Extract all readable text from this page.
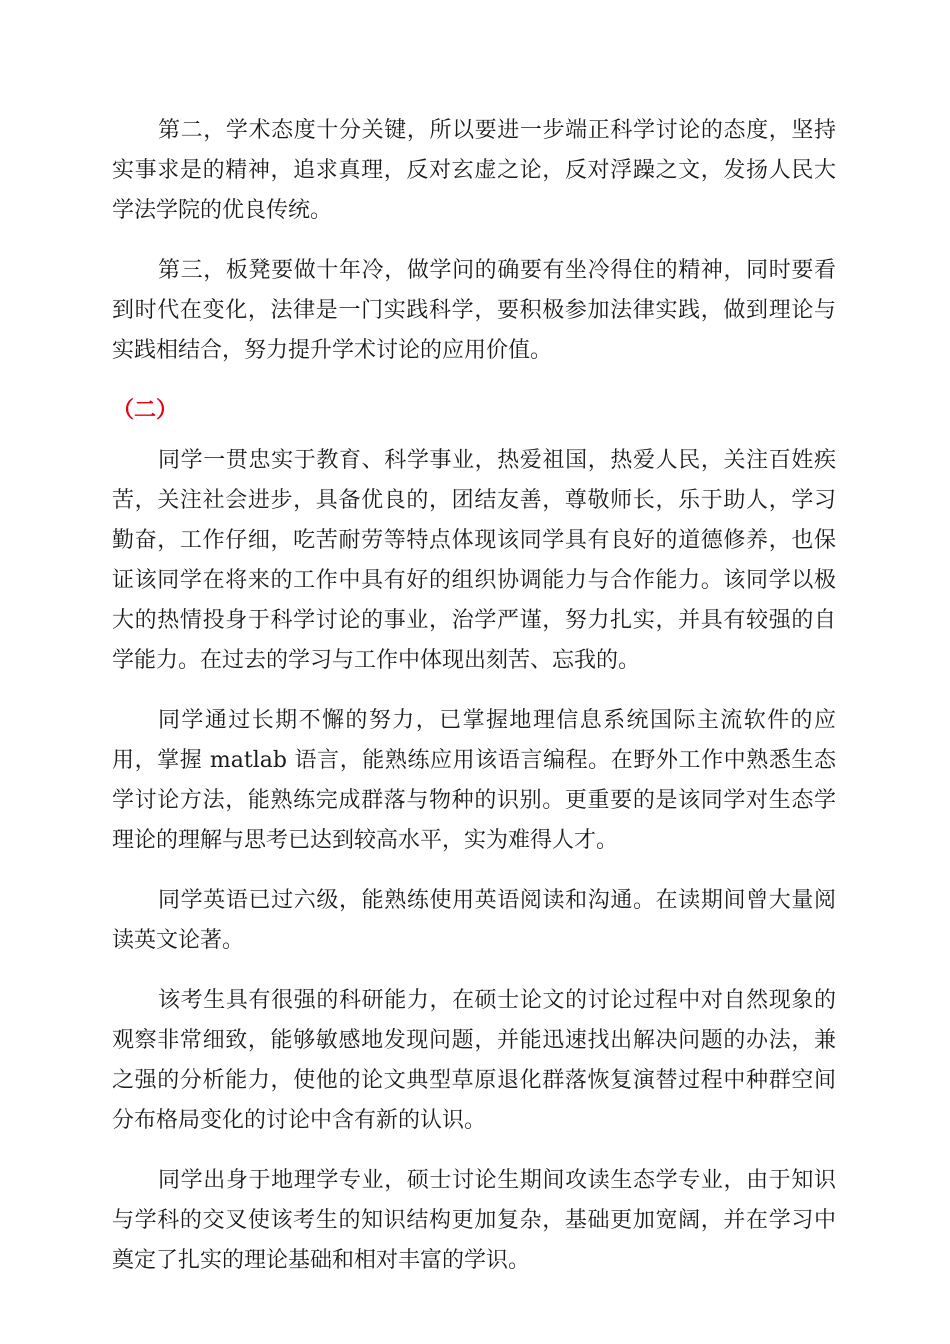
第二，学术态度十分关键，所以要进一步端正科学讨论的态度，坚持实事求是的精神，追求真理，反对玄虚之论，反对浮躁之文，发扬人民大学法学院的优良传统。

第三，板凳要做十年冷，做学问的确要有坐冷得住的精神，同时要看到时代在变化，法律是一门实践科学，要积极参加法律实践，做到理论与实践相结合，努力提升学术讨论的应用价值。

（二）

同学一贯忠实于教育、科学事业，热爱祖国，热爱人民，关注百姓疾苦，关注社会进步，具备优良的，团结友善，尊敬师长，乐于助人，学习勤奋，工作仔细，吃苦耐劳等特点体现该同学具有良好的道德修养，也保证该同学在将来的工作中具有好的组织协调能力与合作能力。该同学以极大的热情投身于科学讨论的事业，治学严谨，努力扎实，并具有较强的自学能力。在过去的学习与工作中体现出刻苦、忘我的。

同学通过长期不懈的努力，已掌握地理信息系统国际主流软件的应用，掌握 matlab 语言，能熟练应用该语言编程。在野外工作中熟悉生态学讨论方法，能熟练完成群落与物种的识别。更重要的是该同学对生态学理论的理解与思考已达到较高水平，实为难得人才。

同学英语已过六级，能熟练使用英语阅读和沟通。在读期间曾大量阅读英文论著。

该考生具有很强的科研能力，在硕士论文的讨论过程中对自然现象的观察非常细致，能够敏感地发现问题，并能迅速找出解决问题的办法，兼之强的分析能力，使他的论文典型草原退化群落恢复演替过程中种群空间分布格局变化的讨论中含有新的认识。

同学出身于地理学专业，硕士讨论生期间攻读生态学专业，由于知识与学科的交叉使该考生的知识结构更加复杂，基础更加宽阔，并在学习中奠定了扎实的理论基础和相对丰富的学识。
